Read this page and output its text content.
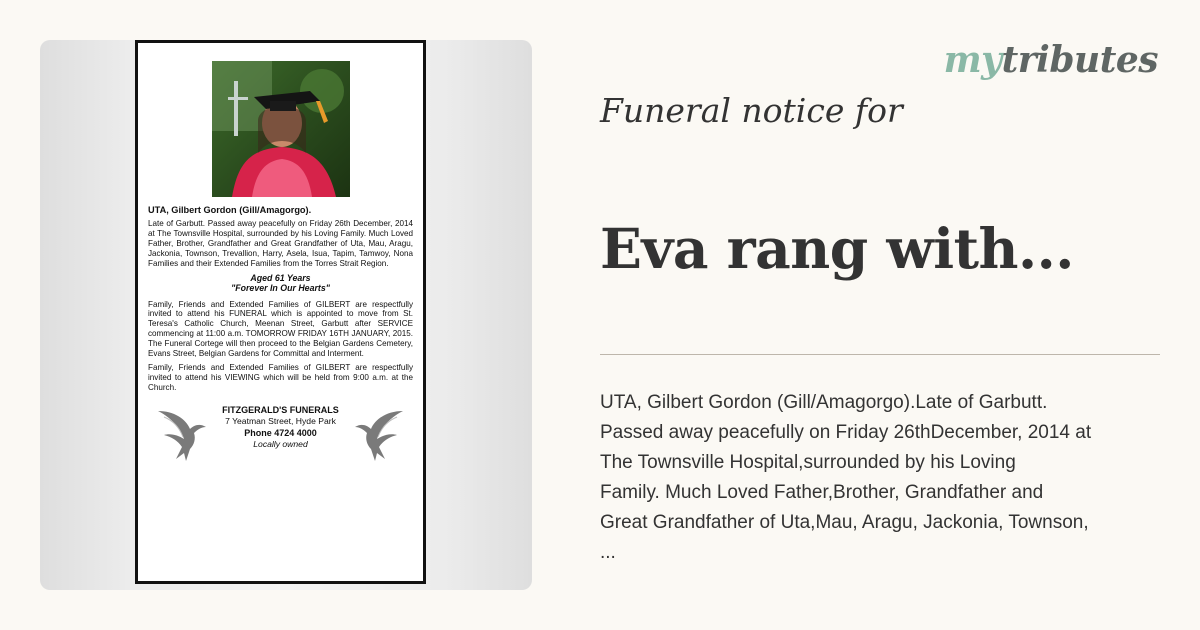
UTA, Gilbert Gordon (Gill/Amagorgo).

Late of Garbutt. Passed away peacefully on Friday 26th December, 2014 at The Townsville Hospital, surrounded by his Loving Family. Much Loved Father, Brother, Grandfather and Great Grandfather of Uta, Mau, Aragu, Jackonia, Townson, Trevallion, Harry, Asela, Isua, Tapim, Tamwoy, Nona Families and their Extended Families from the Torres Strait Region.

Aged 61 Years

"Forever In Our Hearts"

Family, Friends and Extended Families of GILBERT are respectfully invited to attend his FUNERAL which is appointed to move from St. Teresa's Catholic Church, Meenan Street, Garbutt after SERVICE commencing at 11:00 a.m. TOMORROW FRIDAY 16TH JANUARY, 2015. The Funeral Cortege will then proceed to the Belgian Gardens Cemetery, Evans Street, Belgian Gardens for Committal and Interment.

Family, Friends and Extended Families of GILBERT are respectfully invited to attend his VIEWING which will be held from 9:00 a.m. at the Church.

FITZGERALD'S FUNERALS

7 Yeatman Street, Hyde Park

Phone 4724 4000

Locally owned

mytributes
Funeral notice for
Eva rang with...

UTA, Gilbert Gordon (Gill/Amagorgo).Late of Garbutt.
Passed away peacefully on Friday 26thDecember, 2014 at
The Townsville Hospital,surrounded by his Loving
Family. Much Loved Father,Brother, Grandfather and
Great Grandfather of Uta,Mau, Aragu, Jackonia, Townson,
...
